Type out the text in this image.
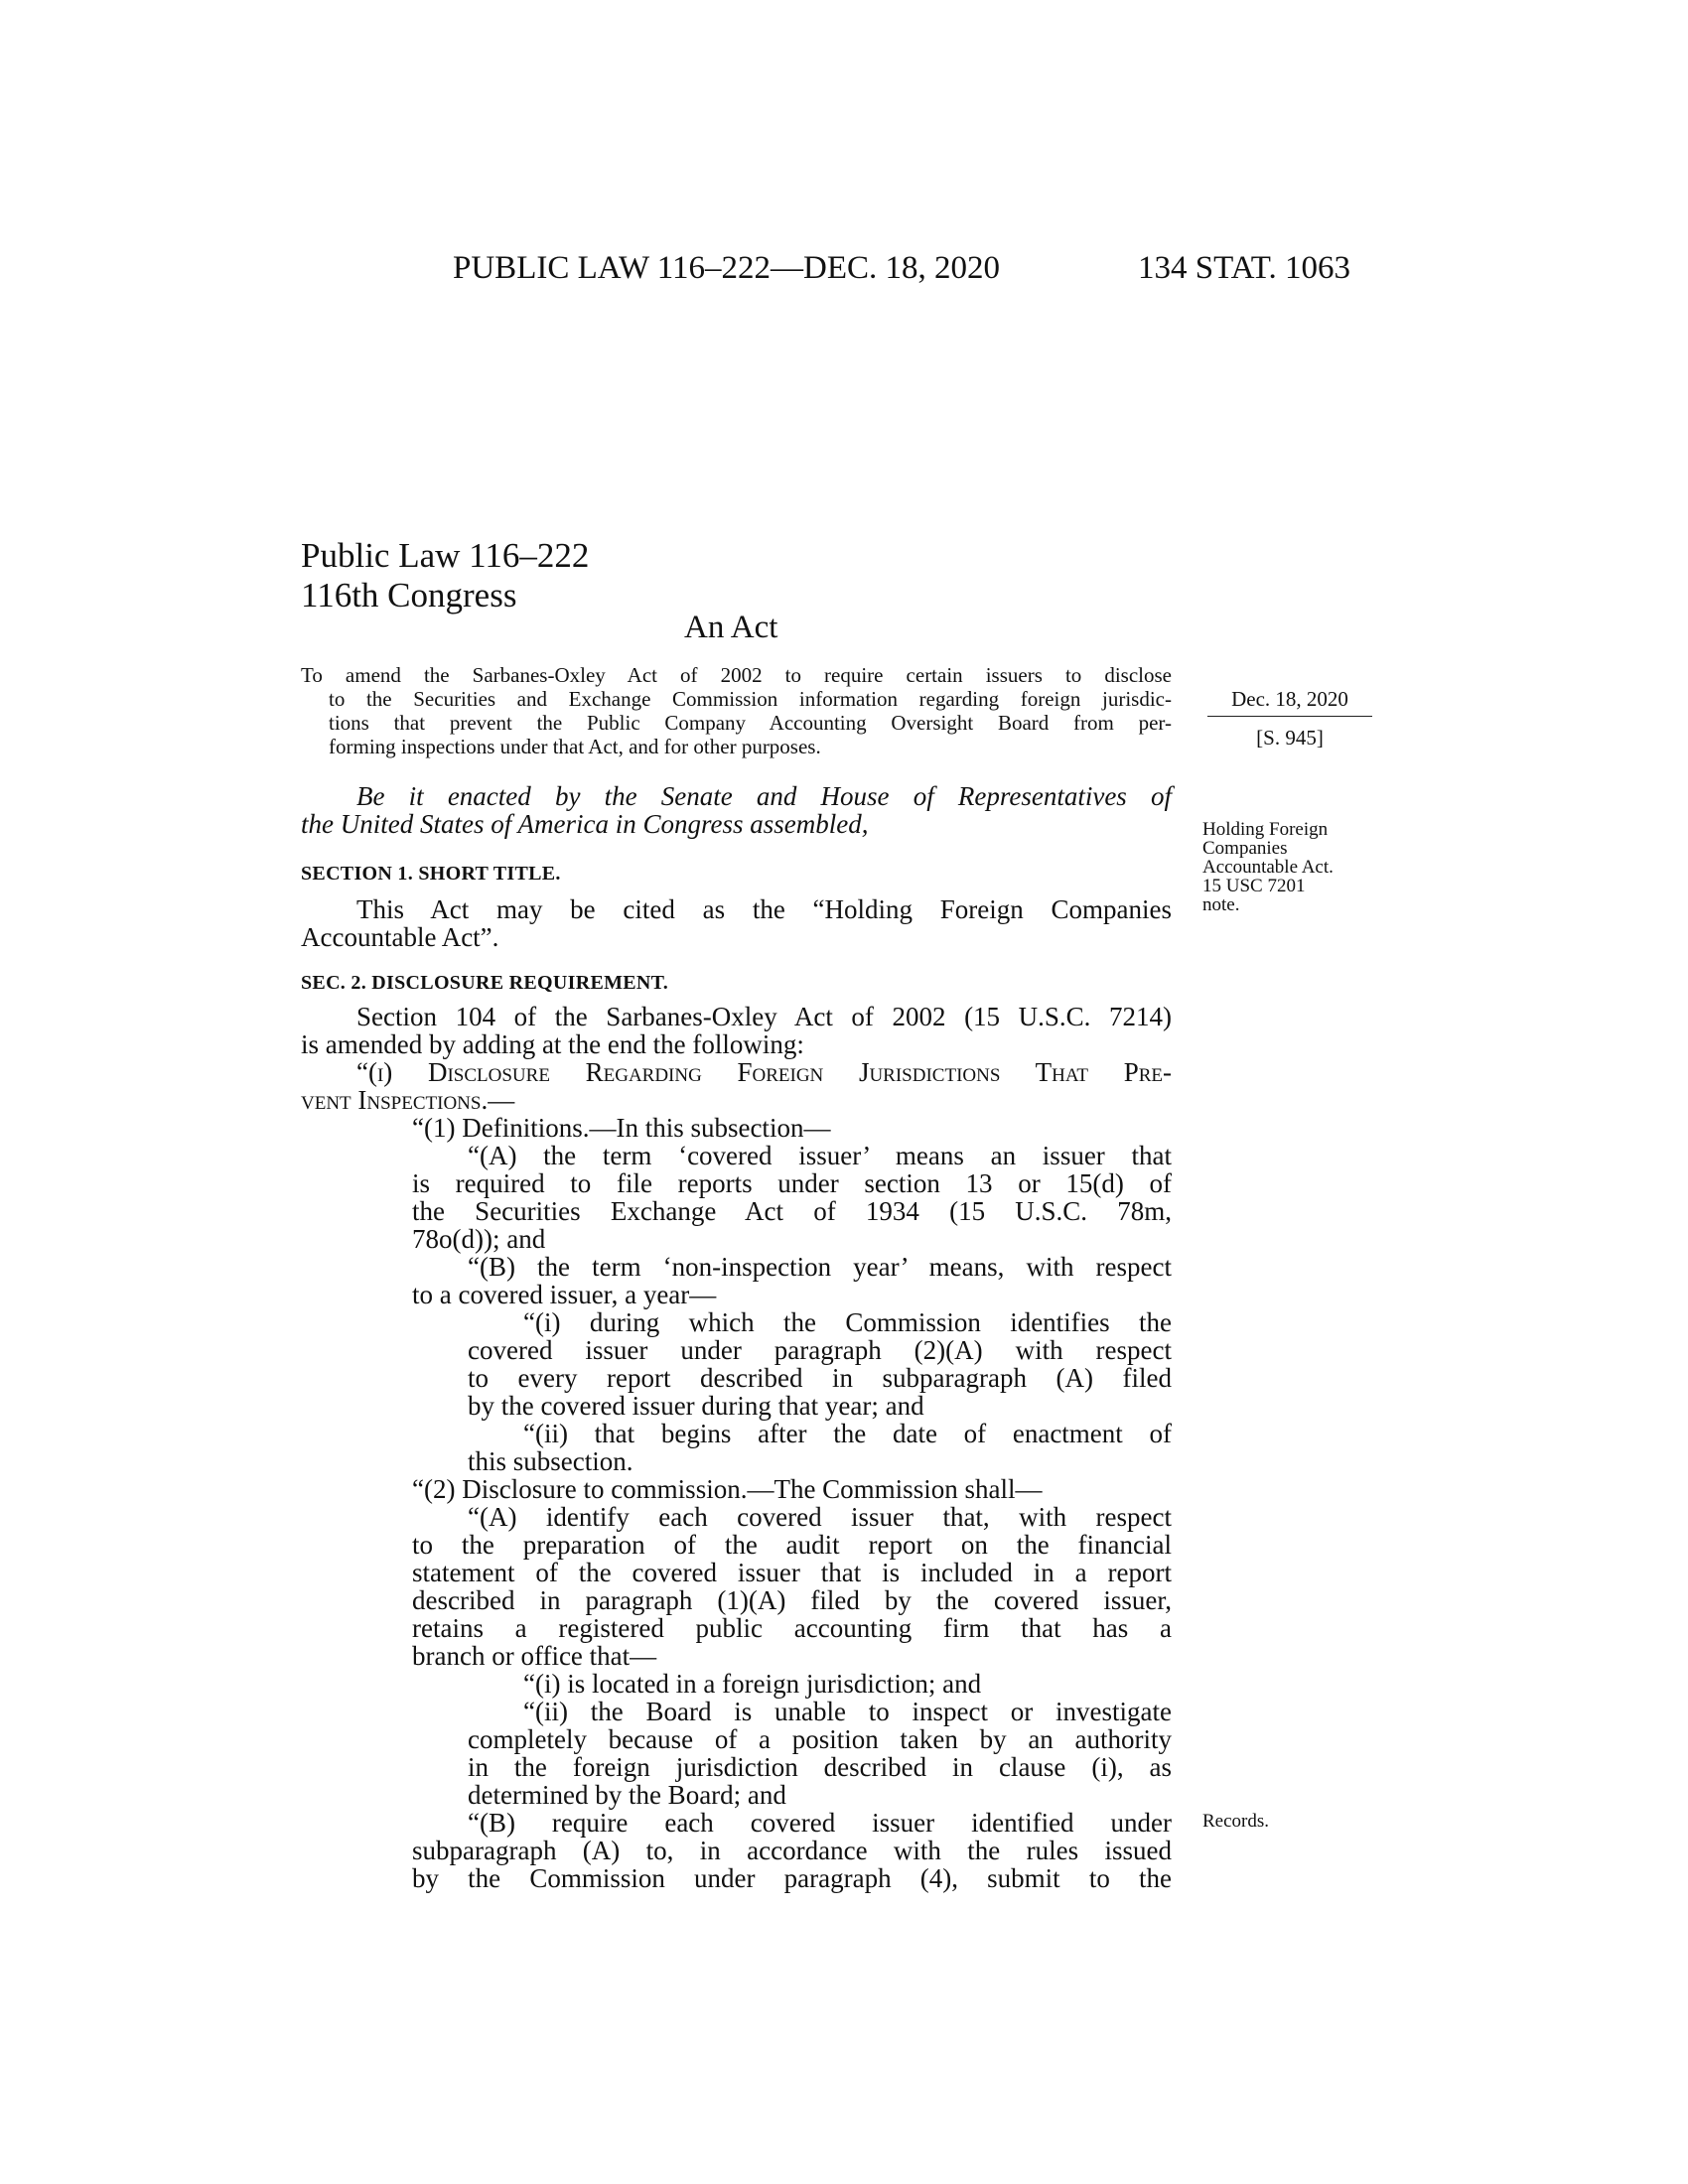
PUBLIC LAW 116–222—DEC. 18, 2020	134 STAT. 1063
Public Law 116–222
116th Congress
An Act
To amend the Sarbanes-Oxley Act of 2002 to require certain issuers to disclose
to the Securities and Exchange Commission information regarding foreign jurisdic-
tions that prevent the Public Company Accounting Oversight Board from per-
forming inspections under that Act, and for other purposes.
Dec. 18, 2020
[S. 945]
Holding Foreign
Companies
Accountable Act.
15 USC 7201
note.
Records.
Be it enacted by the Senate and House of Representatives of
the United States of America in Congress assembled,
SECTION 1. SHORT TITLE.
This Act may be cited as the “Holding Foreign Companies
Accountable Act”.
SEC. 2. DISCLOSURE REQUIREMENT.
Section 104 of the Sarbanes-Oxley Act of 2002 (15 U.S.C. 7214)
is amended by adding at the end the following:
“(i) Disclosure Regarding Foreign Jurisdictions That Pre-
vent Inspections.—
“(1) Definitions.—In this subsection—
“(A) the term ‘covered issuer’ means an issuer that
is required to file reports under section 13 or 15(d) of
the Securities Exchange Act of 1934 (15 U.S.C. 78m,
78o(d)); and
“(B) the term ‘non-inspection year’ means, with respect
to a covered issuer, a year—
“(i) during which the Commission identifies the
covered issuer under paragraph (2)(A) with respect
to every report described in subparagraph (A) filed
by the covered issuer during that year; and
“(ii) that begins after the date of enactment of
this subsection.
“(2) Disclosure to commission.—The Commission shall—
“(A) identify each covered issuer that, with respect
to the preparation of the audit report on the financial
statement of the covered issuer that is included in a report
described in paragraph (1)(A) filed by the covered issuer,
retains a registered public accounting firm that has a
branch or office that—
“(i) is located in a foreign jurisdiction; and
“(ii) the Board is unable to inspect or investigate
completely because of a position taken by an authority
in the foreign jurisdiction described in clause (i), as
determined by the Board; and
“(B) require each covered issuer identified under
subparagraph (A) to, in accordance with the rules issued
by the Commission under paragraph (4), submit to the
